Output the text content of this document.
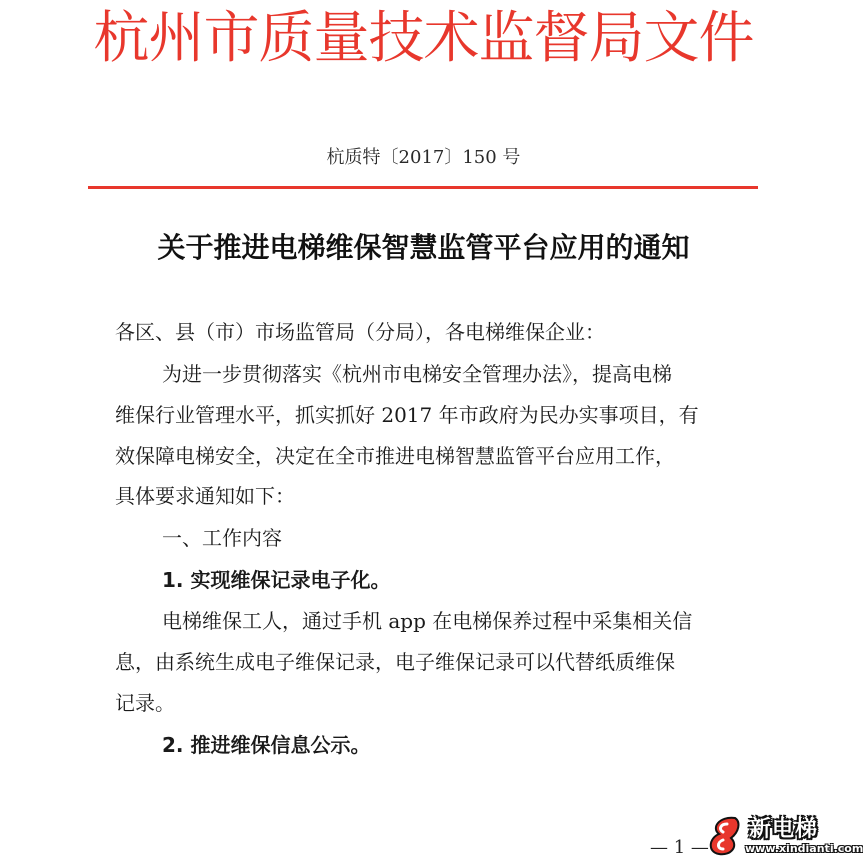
杭州市质量技术监督局文件
杭质特〔2017〕150 号
关于推进电梯维保智慧监管平台应用的通知
各区、县（市）市场监管局（分局），各电梯维保企业：
为进一步贯彻落实《杭州市电梯安全管理办法》，提高电梯
维保行业管理水平，抓实抓好 2017 年市政府为民办实事项目，有
效保障电梯安全，决定在全市推进电梯智慧监管平台应用工作，
具体要求通知如下：
一、工作内容
1. 实现维保记录电子化。
电梯维保工人，通过手机 app 在电梯保养过程中采集相关信
息，由系统生成电子维保记录，电子维保记录可以代替纸质维保
记录。
2. 推进维保信息公示。
— 1 —
新电梯
www.xindianti.com
